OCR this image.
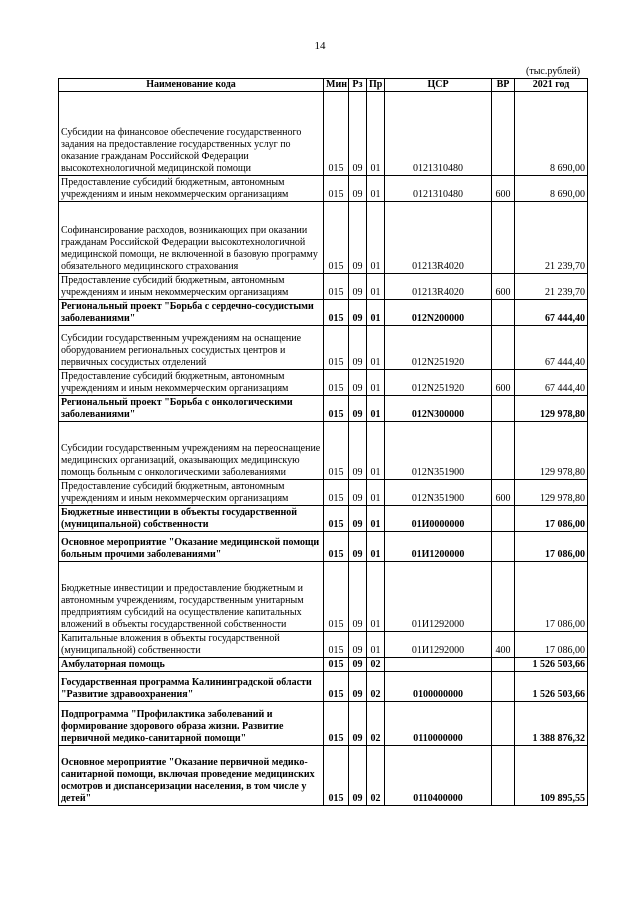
14
(тыс.рублей)
Наименование кода	Мин	Рз	Пр	ЦСР	ВР	2021 год
Субсидии на финансовое обеспечение государственного задания на предоставление государственных услуг по оказание гражданам Российской Федерации высокотехнологичной медицинской помощи	015	09	01	0121310480		8 690,00
Предоставление субсидий бюджетным, автономным учреждениям и иным некоммерческим организациям	015	09	01	0121310480	600	8 690,00
Софинансирование расходов, возникающих при оказании гражданам Российской Федерации высокотехнологичной медицинской помощи, не включенной в базовую программу обязательного медицинского страхования	015	09	01	01213R4020		21 239,70
Предоставление субсидий бюджетным, автономным учреждениям и иным некоммерческим организациям	015	09	01	01213R4020	600	21 239,70
Региональный проект "Борьба с сердечно-сосудистыми заболеваниями"	015	09	01	012N200000		67 444,40
Субсидии государственным учреждениям на оснащение оборудованием региональных сосудистых центров и первичных сосудистых отделений	015	09	01	012N251920		67 444,40
Предоставление субсидий бюджетным, автономным учреждениям и иным некоммерческим организациям	015	09	01	012N251920	600	67 444,40
Региональный проект "Борьба с онкологическими заболеваниями"	015	09	01	012N300000		129 978,80
Субсидии государственным учреждениям на переоснащение медицинских организаций, оказывающих медицинскую помощь больным с онкологическими заболеваниями	015	09	01	012N351900		129 978,80
Предоставление субсидий бюджетным, автономным учреждениям и иным некоммерческим организациям	015	09	01	012N351900	600	129 978,80
Бюджетные инвестиции в объекты государственной (муниципальной) собственности	015	09	01	01И0000000		17 086,00
Основное мероприятие "Оказание медицинской помощи больным прочими заболеваниями"	015	09	01	01И1200000		17 086,00
Бюджетные инвестиции и предоставление бюджетным и автономным учреждениям, государственным унитарным предприятиям субсидий на осуществление капитальных вложений в объекты государственной собственности	015	09	01	01И1292000		17 086,00
Капитальные вложения в объекты государственной (муниципальной) собственности	015	09	01	01И1292000	400	17 086,00
Амбулаторная помощь	015	09	02			1 526 503,66
Государственная программа Калининградской области "Развитие здравоохранения"	015	09	02	0100000000		1 526 503,66
Подпрограмма "Профилактика заболеваний и формирование здорового образа жизни. Развитие первичной медико-санитарной помощи"	015	09	02	0110000000		1 388 876,32
Основное мероприятие "Оказание первичной медико-санитарной помощи, включая проведение медицинских осмотров и диспансеризации населения, в том числе у детей"	015	09	02	0110400000		109 895,55
